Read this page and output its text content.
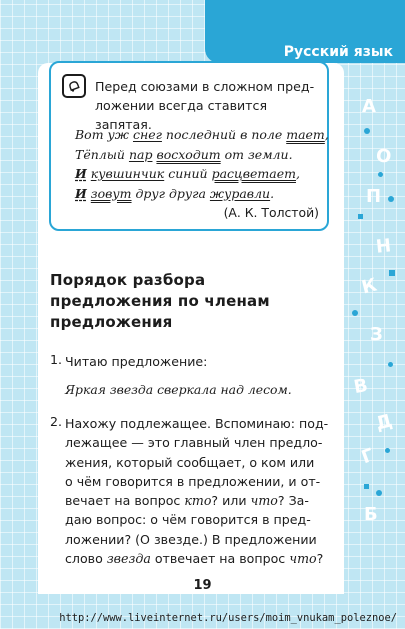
Русский язык
Перед союзами в сложном пред-
ложении всегда ставится запятая.
Вот уж снег последний в поле тает,
Тёплый пар восходит от земли.
И кувшинчик синий расцветает,
И зовут друг друга журавли.
(А. К. Толстой)
Порядок разбора
предложения по членам
предложения
1. Читаю предложение:
Яркая звезда сверкала над лесом.
2. Нахожу подлежащее. Вспоминаю: под-
лежащее — это главный член предло-
жения, который сообщает, о ком или
о чём говорится в предложении, и от-
вечает на вопрос кто? или что? За-
даю вопрос: о чём говорится в пред-
ложении? (О звезде.) В предложении
слово звезда отвечает на вопрос что?
19
http://www.liveinternet.ru/users/moim_vnukam_poleznoe/
А
О
П
Н
К
З
В
Д
Г
Б
